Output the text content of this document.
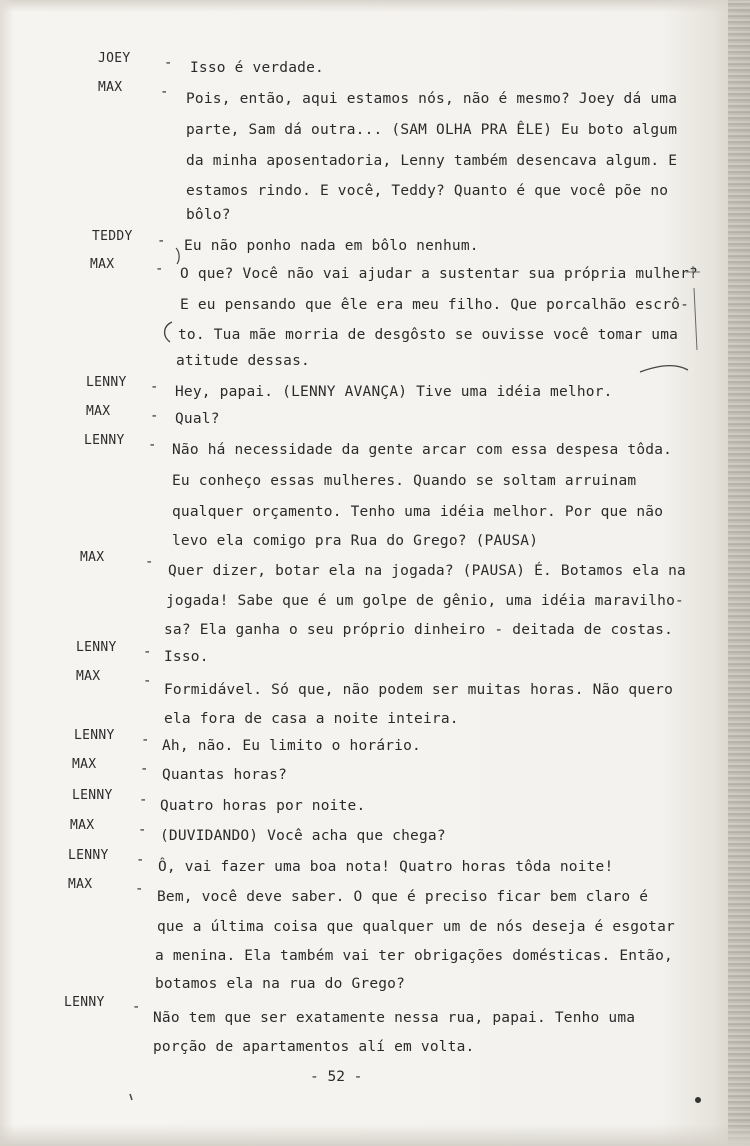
JOEY
MAX
TEDDY
MAX
LENNY
MAX
LENNY
MAX
LENNY
MAX
LENNY
MAX
LENNY
MAX
LENNY
MAX
LENNY
-
-
-
-
-
-
-
-
-
-
-
-
-
-
-
-
-
Isso é verdade.
Pois, então, aqui estamos nós, não é mesmo? Joey dá uma
parte, Sam dá outra... (SAM OLHA PRA ÊLE) Eu boto algum
da minha aposentadoria, Lenny também desencava algum. E
estamos rindo. E você, Teddy? Quanto é que você põe no
bôlo?
Eu não ponho nada em bôlo nenhum.
O que? Você não vai ajudar a sustentar sua própria mulher?
E eu pensando que êle era meu filho. Que porcalhão escrô-
to. Tua mãe morria de desgôsto se ouvisse você tomar uma
atitude dessas.
Hey, papai. (LENNY AVANÇA) Tive uma idéia melhor.
Qual?
Não há necessidade da gente arcar com essa despesa tôda.
Eu conheço essas mulheres. Quando se soltam arruinam
qualquer orçamento. Tenho uma idéia melhor. Por que não
levo ela comigo pra Rua do Grego? (PAUSA)
Quer dizer, botar ela na jogada? (PAUSA) É. Botamos ela na
jogada! Sabe que é um golpe de gênio, uma idéia maravilho-
sa? Ela ganha o seu próprio dinheiro - deitada de costas.
Isso.
Formidável. Só que, não podem ser muitas horas. Não quero
ela fora de casa a noite inteira.
Ah, não. Eu limito o horário.
Quantas horas?
Quatro horas por noite.
(DUVIDANDO) Você acha que chega?
Ô, vai fazer uma boa nota! Quatro horas tôda noite!
Bem, você deve saber. O que é preciso ficar bem claro é
que a última coisa que qualquer um de nós deseja é esgotar
a menina. Ela também vai ter obrigações domésticas. Então,
botamos ela na rua do Grego?
Não tem que ser exatamente nessa rua, papai. Tenho uma
porção de apartamentos alí em volta.
- 52 -
